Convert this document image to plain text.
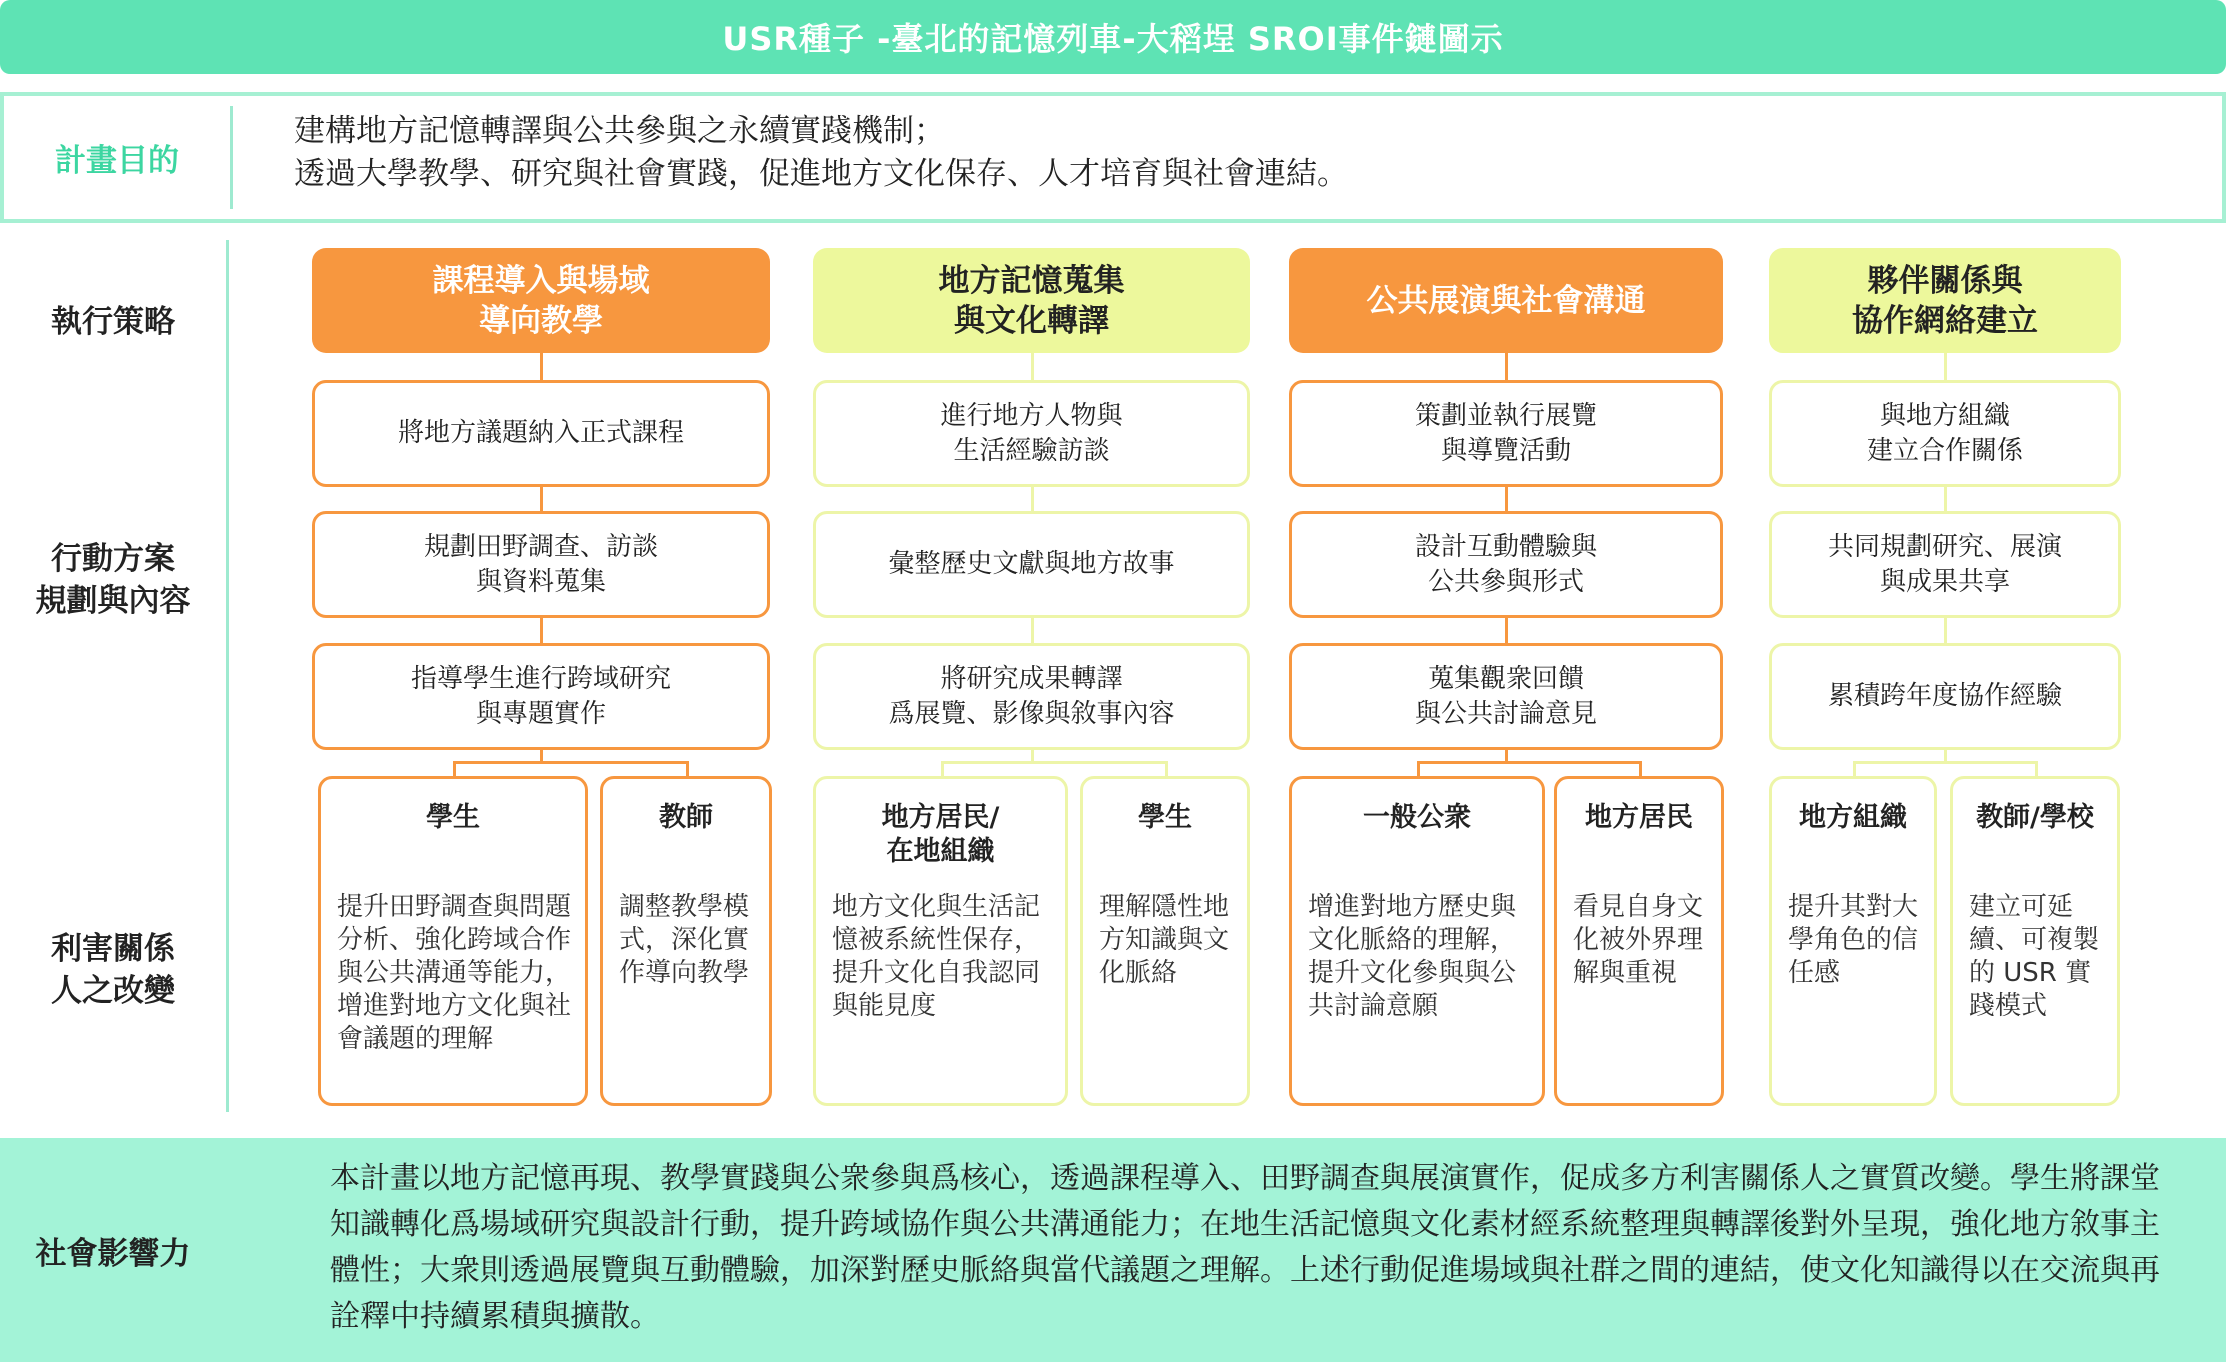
USR種子 -臺北的記憶列車-大稻埕 SROI事件鏈圖示
計畫目的
建構地方記憶轉譯與公共參與之永續實踐機制；
透過大學教學、研究與社會實踐，促進地方文化保存、人才培育與社會連結。
執行策略
行動方案
規劃與內容
利害關係
人之改變
課程導入與場域
導向教學
將地方議題納入正式課程
規劃田野調查、訪談
與資料蒐集
指導學生進行跨域研究
與專題實作
學生
提升田野調查與問題分析、強化跨域合作與公共溝通等能力，增進對地方文化與社會議題的理解
教師
調整教學模式，深化實作導向教學
地方記憶蒐集
與文化轉譯
進行地方人物與
生活經驗訪談
彙整歷史文獻與地方故事
將研究成果轉譯
爲展覽、影像與敘事內容
地方居民/
在地組織
地方文化與生活記憶被系統性保存，提升文化自我認同與能見度
學生
理解隱性地方知識與文化脈絡
公共展演與社會溝通
策劃並執行展覽
與導覽活動
設計互動體驗與
公共參與形式
蒐集觀衆回饋
與公共討論意見
一般公衆
增進對地方歷史與文化脈絡的理解，提升文化參與與公共討論意願
地方居民
看見自身文化被外界理解與重視
夥伴關係與
協作網絡建立
與地方組織
建立合作關係
共同規劃研究、展演
與成果共享
累積跨年度協作經驗
地方組織
提升其對大學角色的信任感
教師/學校
建立可延續、可複製的 USR 實踐模式
社會影響力
本計畫以地方記憶再現、教學實踐與公衆參與爲核心，透過課程導入、田野調查與展演實作，促成多方利害關係人之實質改變。學生將課堂知識轉化爲場域研究與設計行動，提升跨域協作與公共溝通能力；在地生活記憶與文化素材經系統整理與轉譯後對外呈現，強化地方敘事主體性；大衆則透過展覽與互動體驗，加深對歷史脈絡與當代議題之理解。上述行動促進場域與社群之間的連結，使文化知識得以在交流與再詮釋中持續累積與擴散。
